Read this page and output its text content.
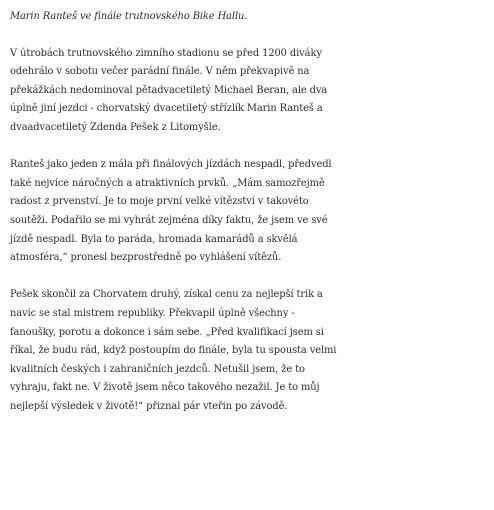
Marin Ranteš ve finále trutnovského Bike Hallu.

V útrobách trutnovského zimního stadionu se před 1200 diváky
odehrálo v sobotu večer parádní finále. V něm překvapivě na
překážkách nedominoval pětadvacetiletý Michael Beran, ale dva
úplně jiní jezdci - chorvatský dvacetiletý střízlík Marin Ranteš a
dvaadvacetiletý Zdenda Pešek z Litomyšle.

Ranteš jako jeden z mála při finálových jízdách nespadl, předvedl
také nejvíce náročných a atraktivních prvků. „Mám samozřejmě
radost z prvenství. Je to moje první velké vítězství v takovéto
soutěži. Podařilo se mi vyhrát zejména díky faktu, že jsem ve své
jízdě nespadl. Byla to paráda, hromada kamarádů a skvělá
atmosféra,“ pronesl bezprostředně po vyhlášení vítězů.

Pešek skončil za Chorvatem druhý, získal cenu za nejlepší trik a
navíc se stal mistrem republiky. Překvapil úplně všechny -
fanoušky, porotu a dokonce i sám sebe. „Před kvalifikací jsem si
říkal, že budu rád, když postoupím do finále, byla tu spousta velmi
kvalitních českých i zahraničních jezdců. Netušil jsem, že to
vyhraju, fakt ne. V životě jsem něco takového nezažil. Je to můj
nejlepší výsledek v životě!“ přiznal pár vteřin po závodě.
